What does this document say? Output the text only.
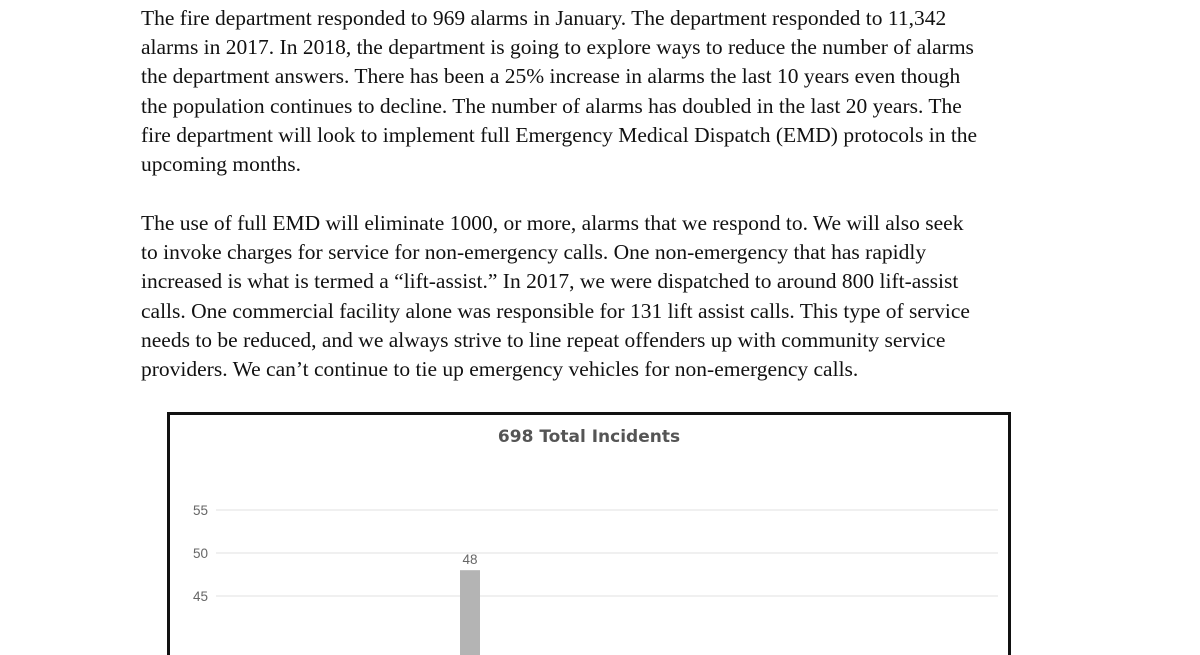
The fire department responded to 969 alarms in January. The department responded to 11,342
alarms in 2017. In 2018, the department is going to explore ways to reduce the number of alarms
the department answers. There has been a 25% increase in alarms the last 10 years even though
the population continues to decline. The number of alarms has doubled in the last 20 years. The
fire department will look to implement full Emergency Medical Dispatch (EMD) protocols in the
upcoming months.
The use of full EMD will eliminate 1000, or more, alarms that we respond to. We will also seek
to invoke charges for service for non-emergency calls. One non-emergency that has rapidly
increased is what is termed a “lift-assist.” In 2017, we were dispatched to around 800 lift-assist
calls. One commercial facility alone was responsible for 131 lift assist calls. This type of service
needs to be reduced, and we always strive to line repeat offenders up with community service
providers. We can’t continue to tie up emergency vehicles for non-emergency calls.
45
50
55
48
698 Total Incidents
